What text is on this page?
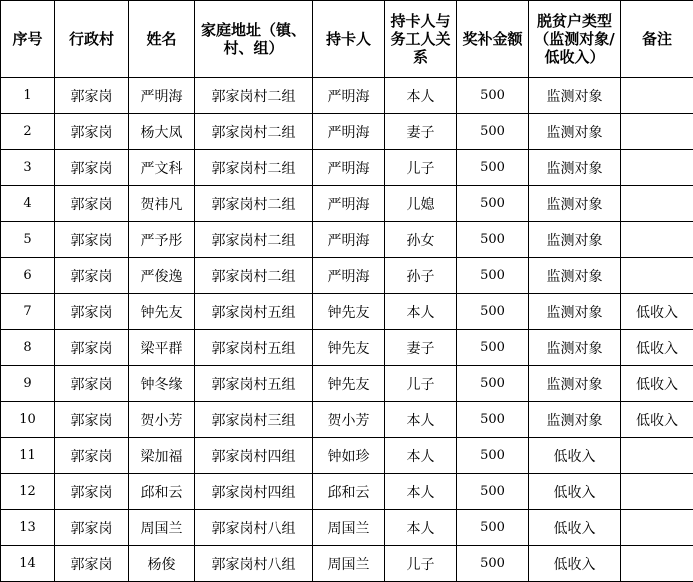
序号	行政村	姓名	家庭地址（镇、村、组）	持卡人	持卡人与务工人关系	奖补金额	脱贫户类型（监测对象/低收入）	备注
1	郭家岗	严明海	郭家岗村二组	严明海	本人	500	监测对象	
2	郭家岗	杨大凤	郭家岗村二组	严明海	妻子	500	监测对象	
3	郭家岗	严文科	郭家岗村二组	严明海	儿子	500	监测对象	
4	郭家岗	贺祎凡	郭家岗村二组	严明海	儿媳	500	监测对象	
5	郭家岗	严予彤	郭家岗村二组	严明海	孙女	500	监测对象	
6	郭家岗	严俊逸	郭家岗村二组	严明海	孙子	500	监测对象	
7	郭家岗	钟先友	郭家岗村五组	钟先友	本人	500	监测对象	低收入
8	郭家岗	梁平群	郭家岗村五组	钟先友	妻子	500	监测对象	低收入
9	郭家岗	钟冬缘	郭家岗村五组	钟先友	儿子	500	监测对象	低收入
10	郭家岗	贺小芳	郭家岗村三组	贺小芳	本人	500	监测对象	低收入
11	郭家岗	梁加福	郭家岗村四组	钟如珍	本人	500	低收入	
12	郭家岗	邱和云	郭家岗村四组	邱和云	本人	500	低收入	
13	郭家岗	周国兰	郭家岗村八组	周国兰	本人	500	低收入	
14	郭家岗	杨俊	郭家岗村八组	周国兰	儿子	500	低收入	
